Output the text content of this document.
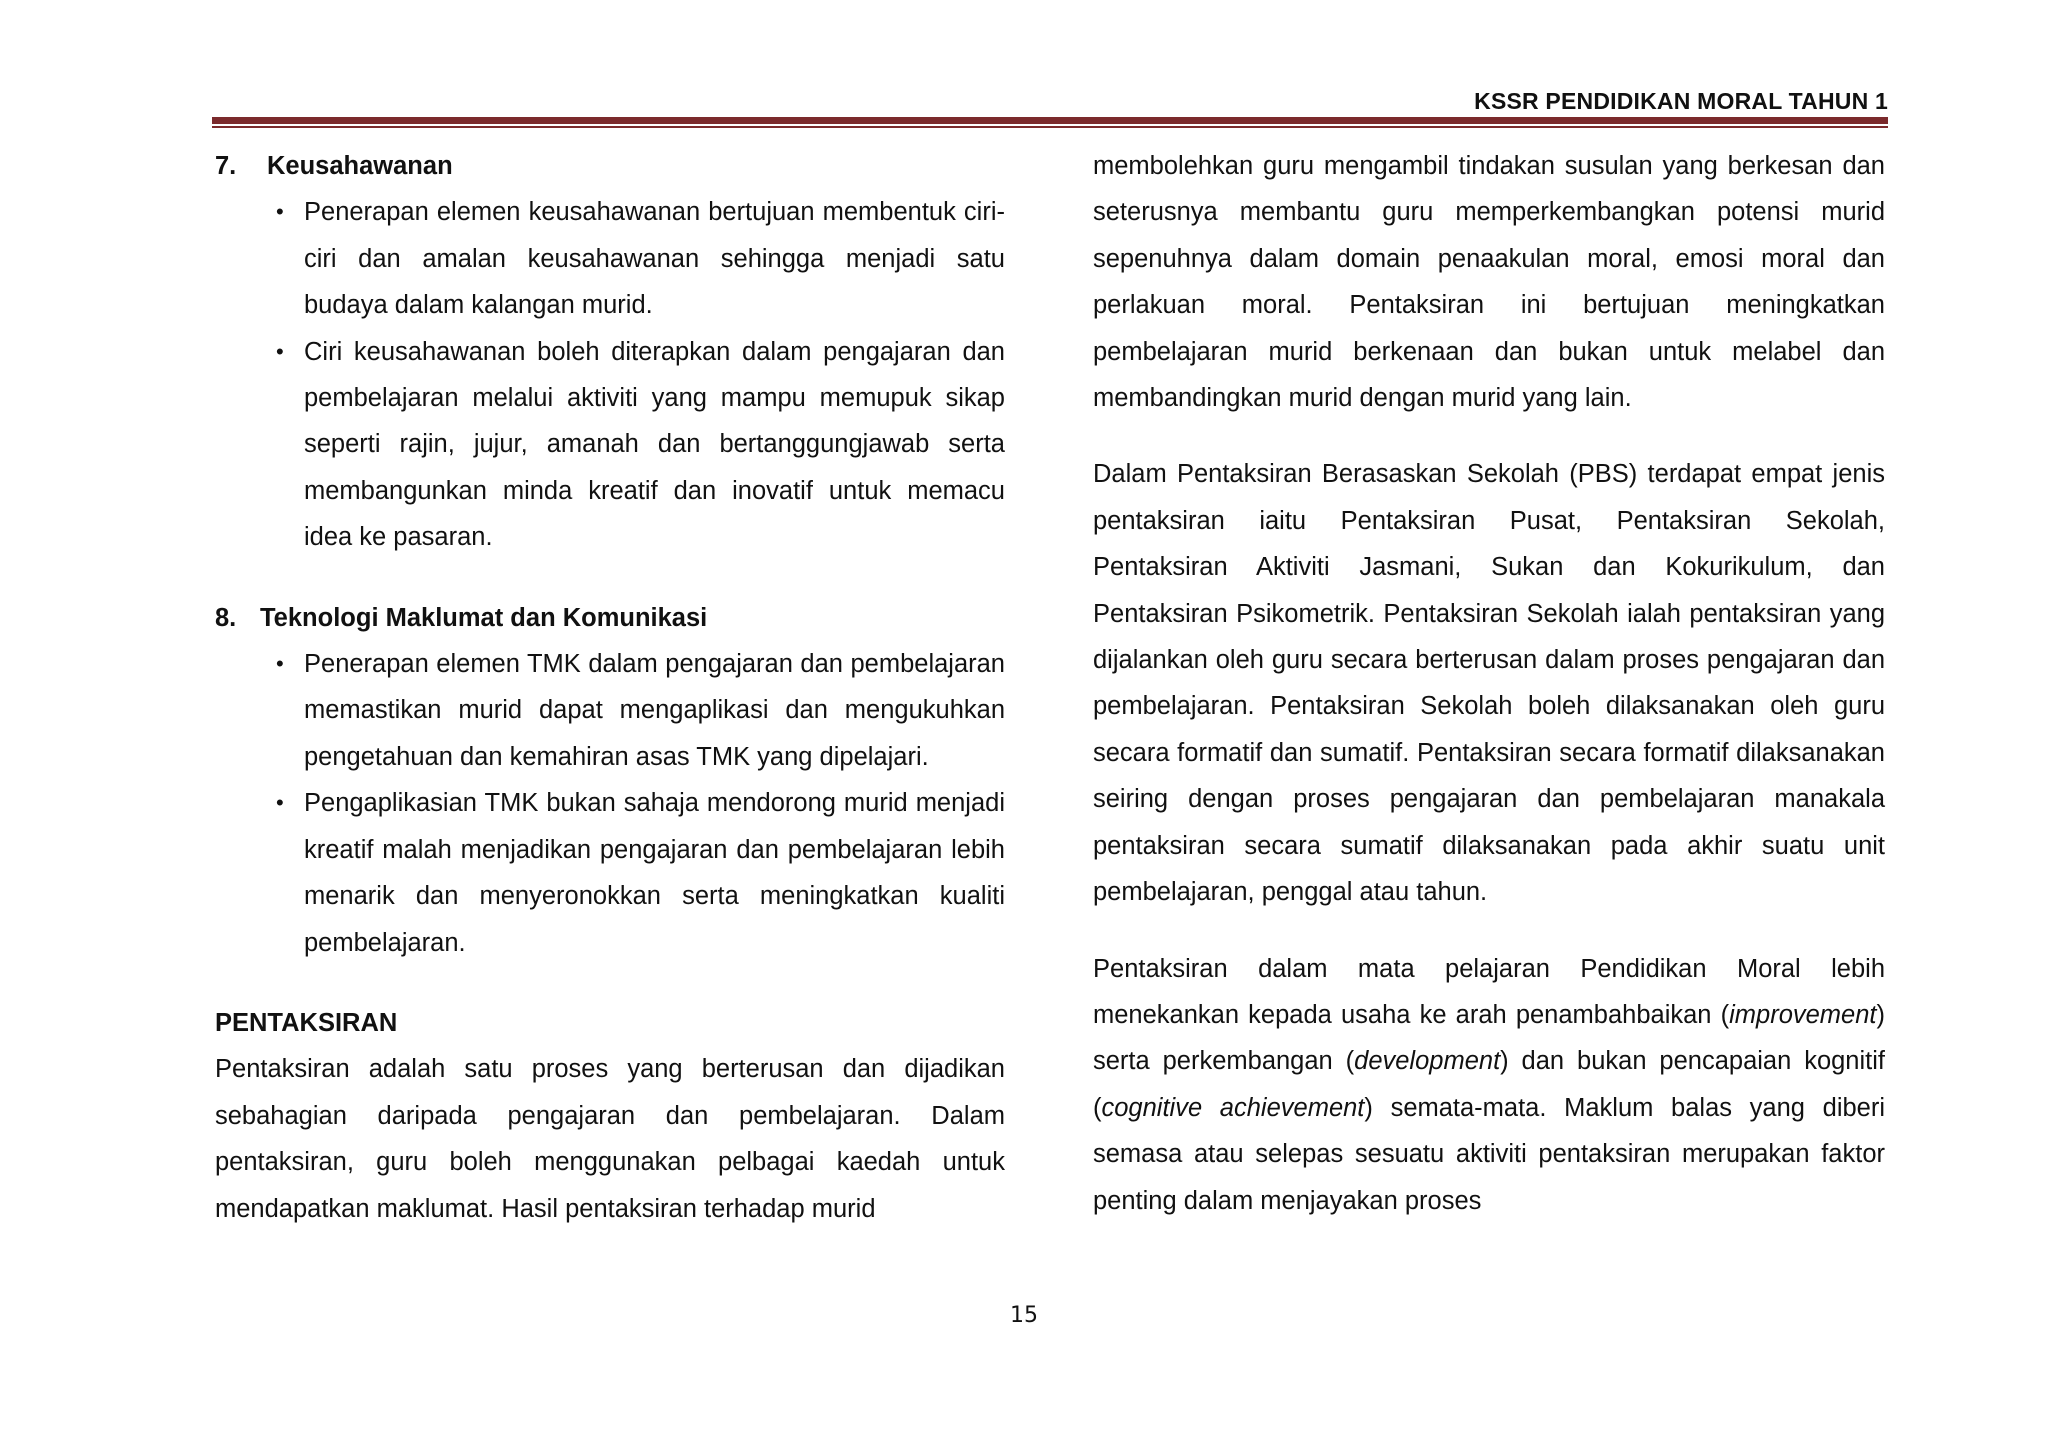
KSSR PENDIDIKAN MORAL TAHUN 1

7.	Keusahawanan

• Penerapan elemen keusahawanan bertujuan membentuk ciri-ciri dan amalan keusahawanan sehingga menjadi satu budaya dalam kalangan murid.
• Ciri keusahawanan boleh diterapkan dalam pengajaran dan pembelajaran melalui aktiviti yang mampu memupuk sikap seperti rajin, jujur, amanah dan bertanggungjawab serta membangunkan minda kreatif dan inovatif untuk memacu idea ke pasaran.

8. Teknologi Maklumat dan Komunikasi

• Penerapan elemen TMK dalam pengajaran dan pembelajaran memastikan murid dapat mengaplikasi dan mengukuhkan pengetahuan dan kemahiran asas TMK yang dipelajari.
• Pengaplikasian TMK bukan sahaja mendorong murid menjadi kreatif malah menjadikan pengajaran dan pembelajaran lebih menarik dan menyeronokkan serta meningkatkan kualiti pembelajaran.

PENTAKSIRAN

Pentaksiran adalah satu proses yang berterusan dan dijadikan sebahagian daripada pengajaran dan pembelajaran. Dalam pentaksiran, guru boleh menggunakan pelbagai kaedah untuk mendapatkan maklumat. Hasil pentaksiran terhadap murid

membolehkan guru mengambil tindakan susulan yang berkesan dan seterusnya membantu guru memperkembangkan potensi murid sepenuhnya dalam domain penaakulan moral, emosi moral dan perlakuan moral. Pentaksiran ini bertujuan meningkatkan pembelajaran murid berkenaan dan bukan untuk melabel dan membandingkan murid dengan murid yang lain.

Dalam Pentaksiran Berasaskan Sekolah (PBS) terdapat empat jenis pentaksiran iaitu Pentaksiran Pusat, Pentaksiran Sekolah, Pentaksiran Aktiviti Jasmani, Sukan dan Kokurikulum, dan Pentaksiran Psikometrik. Pentaksiran Sekolah ialah pentaksiran yang dijalankan oleh guru secara berterusan dalam proses pengajaran dan pembelajaran. Pentaksiran Sekolah boleh dilaksanakan oleh guru secara formatif dan sumatif. Pentaksiran secara formatif dilaksanakan seiring dengan proses pengajaran dan pembelajaran manakala pentaksiran secara sumatif dilaksanakan pada akhir suatu unit pembelajaran, penggal atau tahun.

Pentaksiran dalam mata pelajaran Pendidikan Moral lebih menekankan kepada usaha ke arah penambahbaikan (improvement) serta perkembangan (development) dan bukan pencapaian kognitif (cognitive achievement) semata-mata. Maklum balas yang diberi semasa atau selepas sesuatu aktiviti pentaksiran merupakan faktor penting dalam menjayakan proses

15
